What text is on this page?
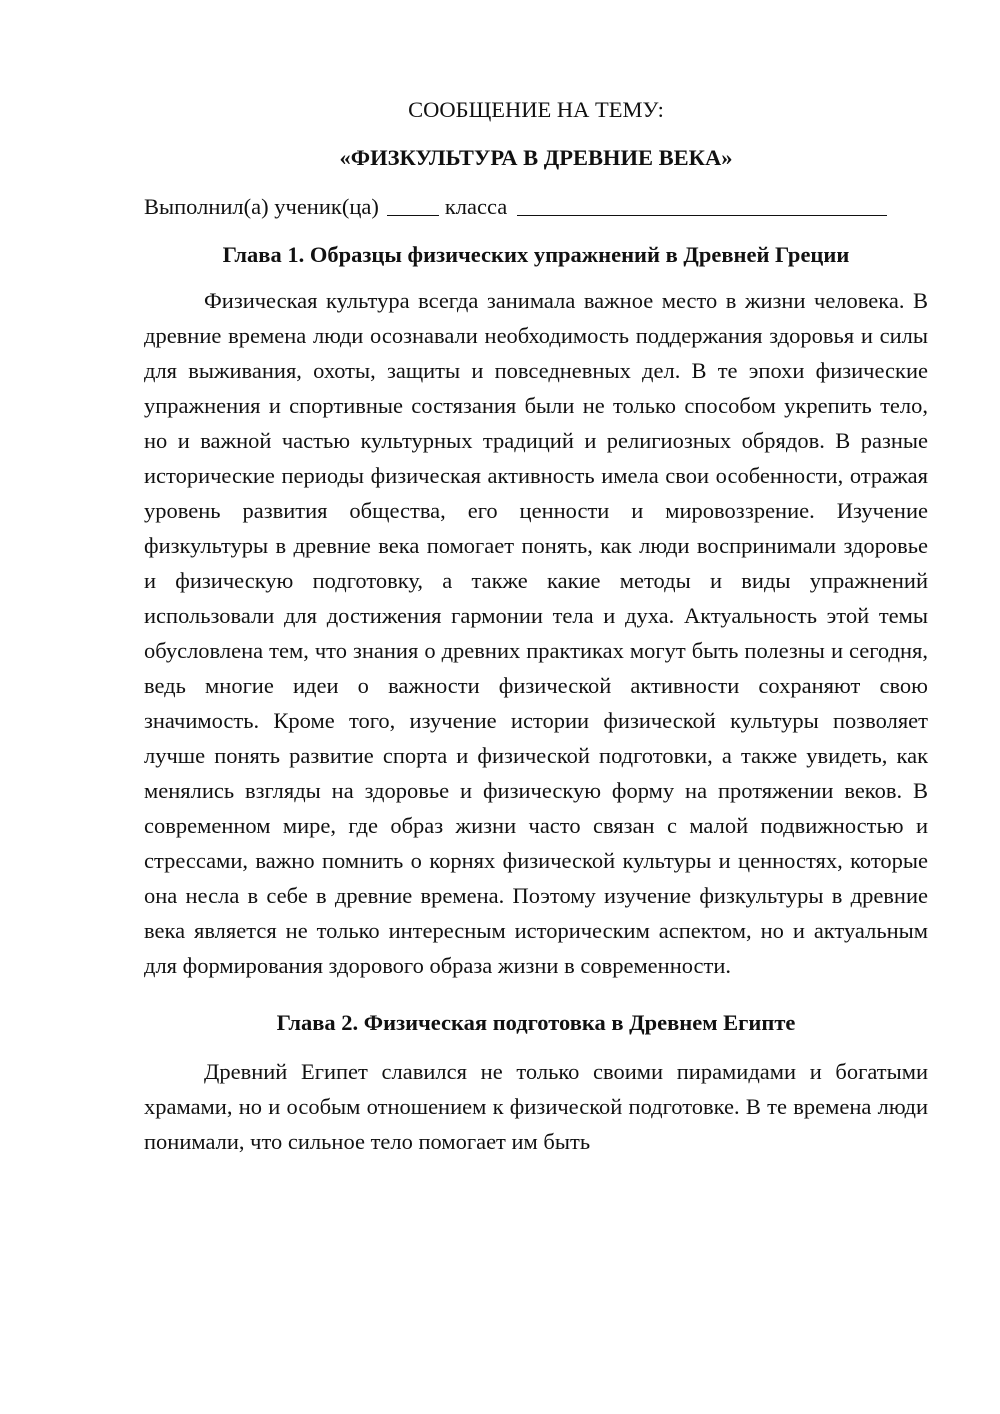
СООБЩЕНИЕ НА ТЕМУ:

«ФИЗКУЛЬТУРА В ДРЕВНИЕ ВЕКА»

Выполнил(а) ученик(ца)	класса

Глава 1. Образцы физических упражнений в Древней Греции

Физическая культура всегда занимала важное место в жизни человека. В древние времена люди осознавали необходимость поддержания здоровья и силы для выживания, охоты, защиты и повседневных дел. В те эпохи физические упражнения и спортивные состязания были не только способом укрепить тело, но и важной частью культурных традиций и религиозных обрядов. В разные исторические периоды физическая активность имела свои особенности, отражая уровень развития общества, его ценности и мировоззрение. Изучение физкультуры в древние века помогает понять, как люди воспринимали здоровье и физическую подготовку, а также какие методы и виды упражнений использовали для достижения гармонии тела и духа. Актуальность этой темы обусловлена тем, что знания о древних практиках могут быть полезны и сегодня, ведь многие идеи о важности физической активности сохраняют свою значимость. Кроме того, изучение истории физической культуры позволяет лучше понять развитие спорта и физической подготовки, а также увидеть, как менялись взгляды на здоровье и физическую форму на протяжении веков. В современном мире, где образ жизни часто связан с малой подвижностью и стрессами, важно помнить о корнях физической культуры и ценностях, которые она несла в себе в древние времена. Поэтому изучение физкультуры в древние века является не только интересным историческим аспектом, но и актуальным для формирования здорового образа жизни в современности.

Глава 2. Физическая подготовка в Древнем Египте

Древний Египет славился не только своими пирамидами и богатыми храмами, но и особым отношением к физической подготовке. В те времена люди понимали, что сильное тело помогает им быть
